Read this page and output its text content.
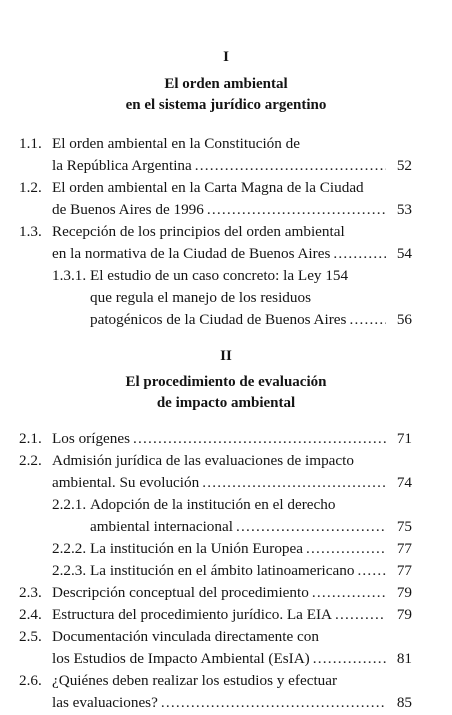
I
El orden ambiental
en el sistema jurídico argentino
1.1. El orden ambiental en la Constitución de
la República Argentina .....	52
1.2. El orden ambiental en la Carta Magna de la Ciudad
de Buenos Aires de 1996 .....	53
1.3. Recepción de los principios del orden ambiental
en la normativa de la Ciudad de Buenos Aires .....	54
1.3.1. El estudio de un caso concreto: la Ley 154
que regula el manejo de los residuos
patogénicos de la Ciudad de Buenos Aires .....	56
II
El procedimiento de evaluación
de impacto ambiental
2.1. Los orígenes .....	71
2.2. Admisión jurídica de las evaluaciones de impacto
ambiental. Su evolución .....	74
2.2.1. Adopción de la institución en el derecho
ambiental internacional .....	75
2.2.2. La institución en la Unión Europea .....	77
2.2.3. La institución en el ámbito latinoamericano .....	77
2.3. Descripción conceptual del procedimiento .....	79
2.4. Estructura del procedimiento jurídico. La EIA .....	79
2.5. Documentación vinculada directamente con
los Estudios de Impacto Ambiental (EsIA) .....	81
2.6. ¿Quiénes deben realizar los estudios y efectuar
las evaluaciones? .....	85
